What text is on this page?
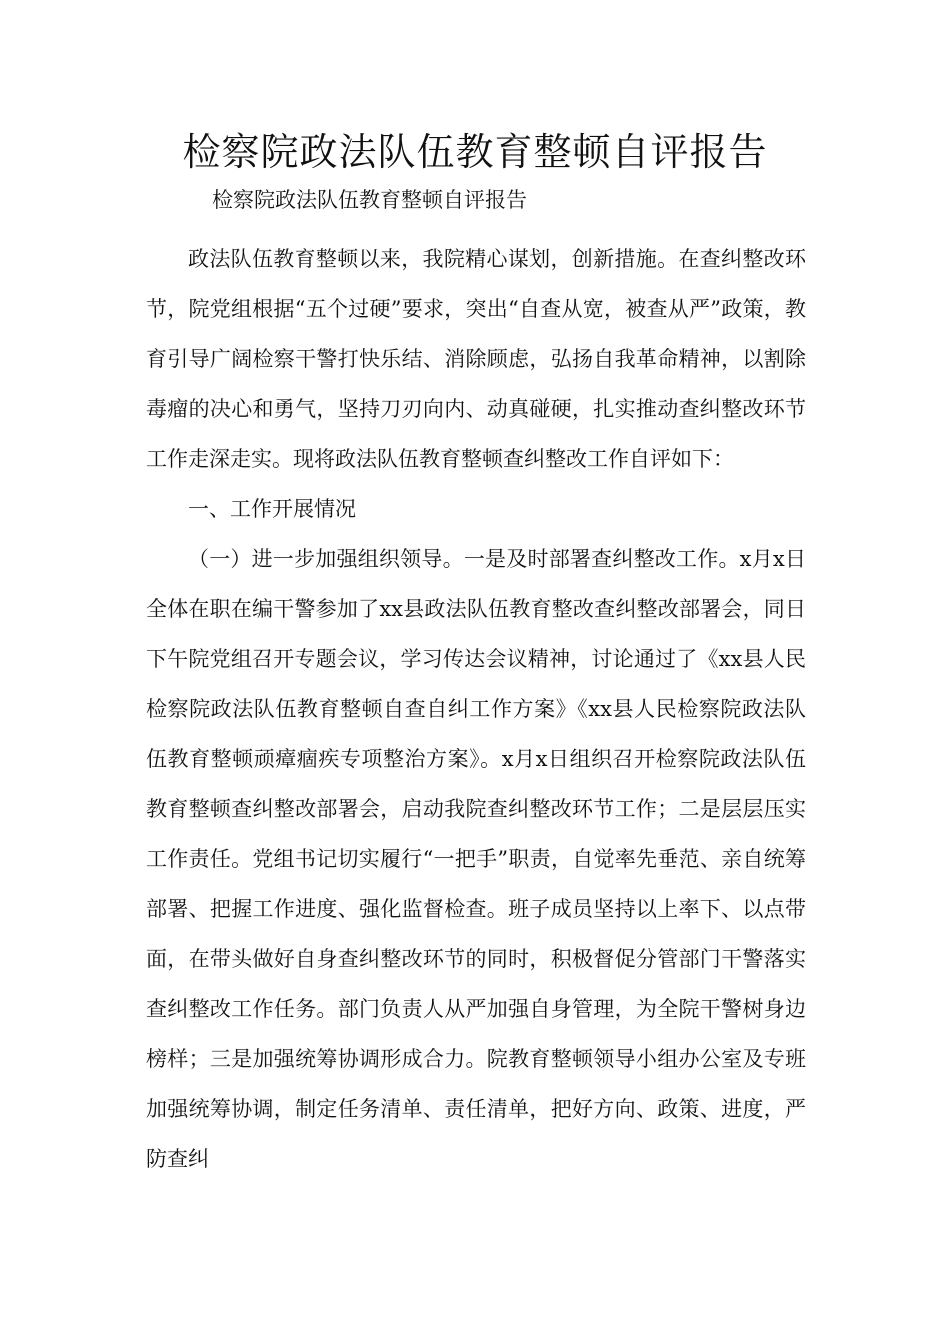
检察院政法队伍教育整顿自评报告
检察院政法队伍教育整顿自评报告

政法队伍教育整顿以来，我院精心谋划，创新措施。在查纠整改环节，院党组根据“五个过硬”要求，突出“自查从宽，被查从严”政策，教育引导广阔检察干警打快乐结、消除顾虑，弘扬自我革命精神，以割除毒瘤的决心和勇气，坚持刀刃向内、动真碰硬，扎实推动查纠整改环节工作走深走实。现将政法队伍教育整顿查纠整改工作自评如下：

一、工作开展情况

（一）进一步加强组织领导。一是及时部署查纠整改工作。x月x日全体在职在编干警参加了xx县政法队伍教育整改查纠整改部署会，同日下午院党组召开专题会议，学习传达会议精神，讨论通过了《xx县人民检察院政法队伍教育整顿自查自纠工作方案》《xx县人民检察院政法队伍教育整顿顽瘴痼疾专项整治方案》。x月x日组织召开检察院政法队伍教育整顿查纠整改部署会，启动我院查纠整改环节工作；二是层层压实工作责任。党组书记切实履行“一把手”职责，自觉率先垂范、亲自统筹部署、把握工作进度、强化监督检查。班子成员坚持以上率下、以点带面，在带头做好自身查纠整改环节的同时，积极督促分管部门干警落实查纠整改工作任务。部门负责人从严加强自身管理，为全院干警树身边榜样；三是加强统筹协调形成合力。院教育整顿领导小组办公室及专班加强统筹协调，制定任务清单、责任清单，把好方向、政策、进度，严防查纠
